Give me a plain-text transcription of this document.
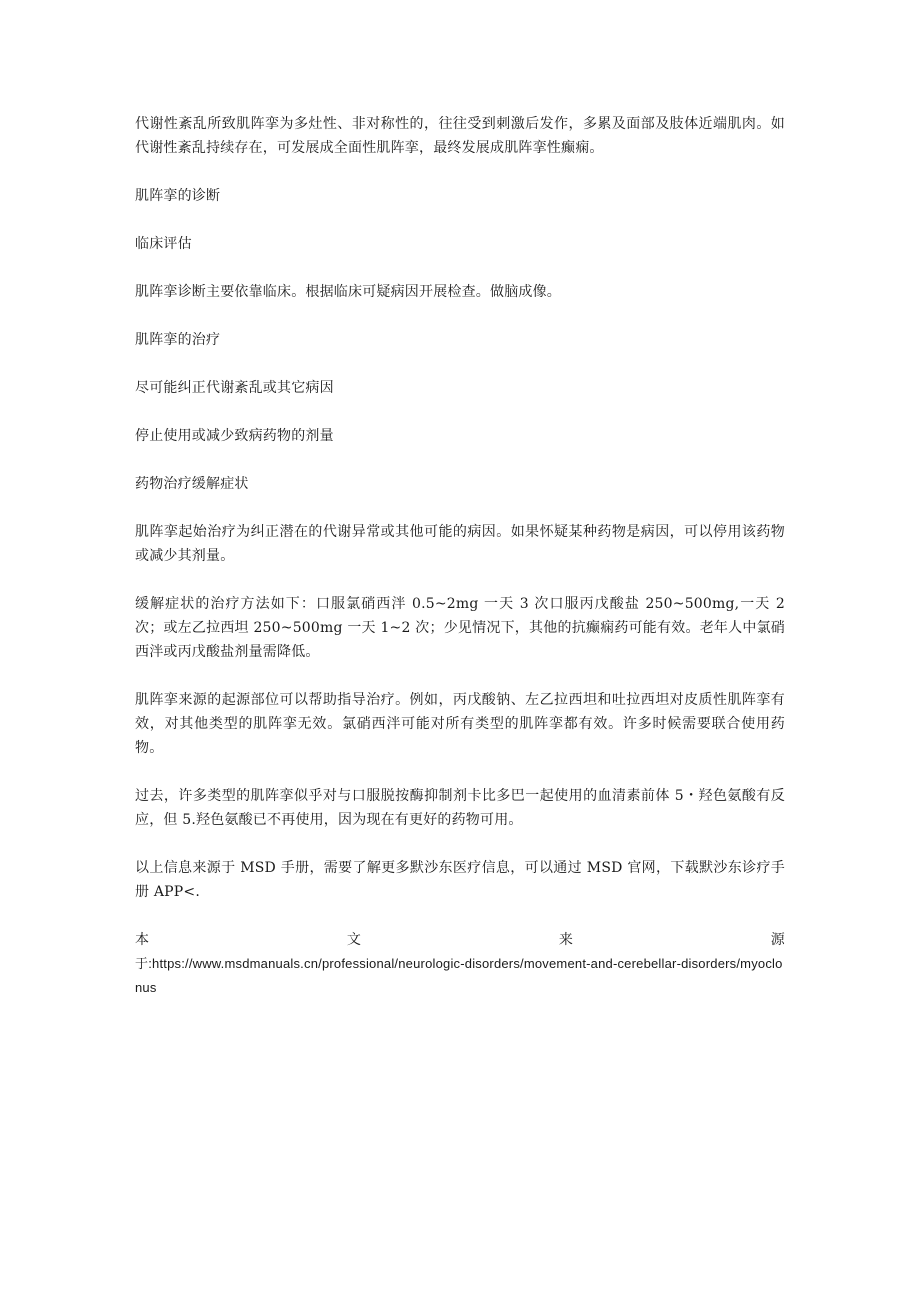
代谢性紊乱所致肌阵挛为多灶性、非对称性的，往往受到刺激后发作，多累及面部及肢体近端肌肉。如代谢性紊乱持续存在，可发展成全面性肌阵挛，最终发展成肌阵挛性癫痫。

肌阵挛的诊断

临床评估

肌阵挛诊断主要依靠临床。根据临床可疑病因开展检查。做脑成像。

肌阵挛的治疗

尽可能纠正代谢紊乱或其它病因

停止使用或减少致病药物的剂量

药物治疗缓解症状

肌阵挛起始治疗为纠正潜在的代谢异常或其他可能的病因。如果怀疑某种药物是病因，可以停用该药物或减少其剂量。

缓解症状的治疗方法如下：口服氯硝西泮 0.5~2mg 一天 3 次口服丙戊酸盐 250~500mg,一天 2 次；或左乙拉西坦 250~500mg 一天 1~2 次；少见情况下，其他的抗癫痫药可能有效。老年人中氯硝西泮或丙戊酸盐剂量需降低。

肌阵挛来源的起源部位可以帮助指导治疗。例如，丙戊酸钠、左乙拉西坦和吐拉西坦对皮质性肌阵挛有效，对其他类型的肌阵挛无效。氯硝西泮可能对所有类型的肌阵挛都有效。许多时候需要联合使用药物。

过去，许多类型的肌阵挛似乎对与口服脱按酶抑制剂卡比多巴一起使用的血清素前体 5・羟色氨酸有反应，但 5.羟色氨酸已不再使用，因为现在有更好的药物可用。

以上信息来源于 MSD 手册，需要了解更多默沙东医疗信息，可以通过 MSD 官网，下载默沙东诊疗手册 APP<.

本	文	来	源

于:https://www.msdmanuals.cn/professional/neurologic-disorders/movement-and-cerebellar-disorders/myoclonus
